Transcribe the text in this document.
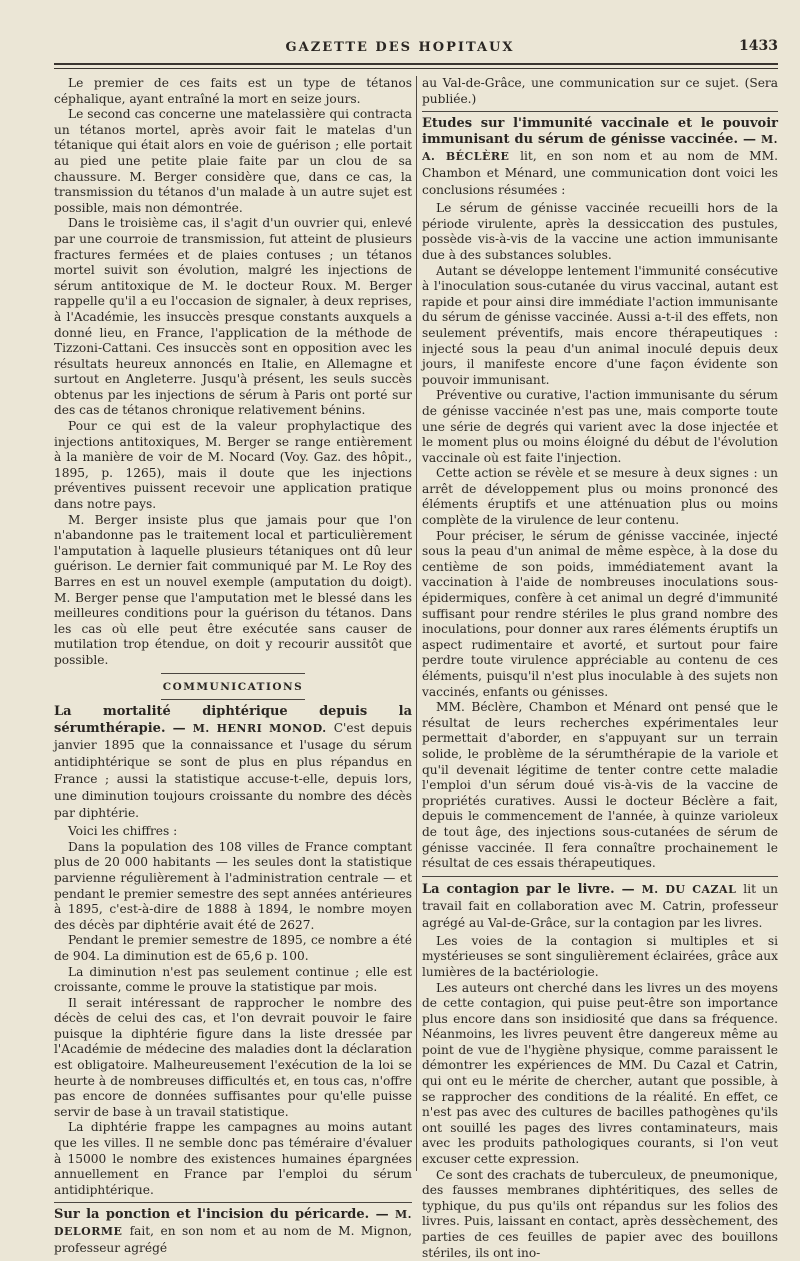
GAZETTE DES HOPITAUX	1433

Le premier de ces faits est un type de tétanos céphalique, ayant entraîné la mort en seize jours.

Le second cas concerne une matelassière qui contracta un tétanos mortel, après avoir fait le matelas d'un tétanique qui était alors en voie de guérison ; elle portait au pied une petite plaie faite par un clou de sa chaussure. M. Berger considère que, dans ce cas, la transmission du tétanos d'un malade à un autre sujet est possible, mais non démontrée.

Dans le troisième cas, il s'agit d'un ouvrier qui, enlevé par une courroie de transmission, fut atteint de plusieurs fractures fermées et de plaies contuses ; un tétanos mortel suivit son évolution, malgré les injections de sérum antitoxique de M. le docteur Roux. M. Berger rappelle qu'il a eu l'occasion de signaler, à deux reprises, à l'Académie, les insuccès presque constants auxquels a donné lieu, en France, l'application de la méthode de Tizzoni-Cattani. Ces insuccès sont en opposition avec les résultats heureux annoncés en Italie, en Allemagne et surtout en Angleterre. Jusqu'à présent, les seuls succès obtenus par les injections de sérum à Paris ont porté sur des cas de tétanos chronique relativement bénins.

Pour ce qui est de la valeur prophylactique des injections antitoxiques, M. Berger se range entièrement à la manière de voir de M. Nocard (Voy. Gaz. des hôpit., 1895, p. 1265), mais il doute que les injections préventives puissent recevoir une application pratique dans notre pays.

M. Berger insiste plus que jamais pour que l'on n'abandonne pas le traitement local et particulièrement l'amputation à laquelle plusieurs tétaniques ont dû leur guérison. Le dernier fait communiqué par M. Le Roy des Barres en est un nouvel exemple (amputation du doigt). M. Berger pense que l'amputation met le blessé dans les meilleures conditions pour la guérison du tétanos. Dans les cas où elle peut être exécutée sans causer de mutilation trop étendue, on doit y recourir aussitôt que possible.

COMMUNICATIONS
La mortalité diphtérique depuis la sérumthérapie. — M. HENRI MONOD. C'est depuis janvier 1895 que la connaissance et l'usage du sérum antidiphtérique se sont de plus en plus répandus en France ; aussi la statistique accuse-t-elle, depuis lors, une diminution toujours croissante du nombre des décès par diphtérie.

Voici les chiffres :

Dans la population des 108 villes de France comptant plus de 20 000 habitants — les seules dont la statistique parvienne régulièrement à l'administration centrale — et pendant le premier semestre des sept années antérieures à 1895, c'est-à-dire de 1888 à 1894, le nombre moyen des décès par diphtérie avait été de 2627.

Pendant le premier semestre de 1895, ce nombre a été de 904. La diminution est de 65,6 p. 100.

La diminution n'est pas seulement continue ; elle est croissante, comme le prouve la statistique par mois.

Il serait intéressant de rapprocher le nombre des décès de celui des cas, et l'on devrait pouvoir le faire puisque la diphtérie figure dans la liste dressée par l'Académie de médecine des maladies dont la déclaration est obligatoire. Malheureusement l'exécution de la loi se heurte à de nombreuses difficultés et, en tous cas, n'offre pas encore de données suffisantes pour qu'elle puisse servir de base à un travail statistique.

La diphtérie frappe les campagnes au moins autant que les villes. Il ne semble donc pas téméraire d'évaluer à 15000 le nombre des existences humaines épargnées annuellement en France par l'emploi du sérum antidiphtérique.

Sur la ponction et l'incision du péricarde. — M. DELORME fait, en son nom et au nom de M. Mignon, professeur agrégé

au Val-de-Grâce, une communication sur ce sujet. (Sera publiée.)

Etudes sur l'immunité vaccinale et le pouvoir immunisant du sérum de génisse vaccinée. — M. A. BÉCLÈRE lit, en son nom et au nom de MM. Chambon et Ménard, une communication dont voici les conclusions résumées :

Le sérum de génisse vaccinée recueilli hors de la période virulente, après la dessiccation des pustules, possède vis-à-vis de la vaccine une action immunisante due à des substances solubles.

Autant se développe lentement l'immunité consécutive à l'inoculation sous-cutanée du virus vaccinal, autant est rapide et pour ainsi dire immédiate l'action immunisante du sérum de génisse vaccinée. Aussi a-t-il des effets, non seulement préventifs, mais encore thérapeutiques : injecté sous la peau d'un animal inoculé depuis deux jours, il manifeste encore d'une façon évidente son pouvoir immunisant.

Préventive ou curative, l'action immunisante du sérum de génisse vaccinée n'est pas une, mais comporte toute une série de degrés qui varient avec la dose injectée et le moment plus ou moins éloigné du début de l'évolution vaccinale où est faite l'injection.

Cette action se révèle et se mesure à deux signes : un arrêt de développement plus ou moins prononcé des éléments éruptifs et une atténuation plus ou moins complète de la virulence de leur contenu.

Pour préciser, le sérum de génisse vaccinée, injecté sous la peau d'un animal de même espèce, à la dose du centième de son poids, immédiatement avant la vaccination à l'aide de nombreuses inoculations sous-épidermiques, confère à cet animal un degré d'immunité suffisant pour rendre stériles le plus grand nombre des inoculations, pour donner aux rares éléments éruptifs un aspect rudimentaire et avorté, et surtout pour faire perdre toute virulence appréciable au contenu de ces éléments, puisqu'il n'est plus inoculable à des sujets non vaccinés, enfants ou génisses.

MM. Béclère, Chambon et Ménard ont pensé que le résultat de leurs recherches expérimentales leur permettait d'aborder, en s'appuyant sur un terrain solide, le problème de la sérumthérapie de la variole et qu'il devenait légitime de tenter contre cette maladie l'emploi d'un sérum doué vis-à-vis de la vaccine de propriétés curatives. Aussi le docteur Béclère a fait, depuis le commencement de l'année, à quinze varioleux de tout âge, des injections sous-cutanées de sérum de génisse vaccinée. Il fera connaître prochainement le résultat de ces essais thérapeutiques.

La contagion par le livre. — M. DU CAZAL lit un travail fait en collaboration avec M. Catrin, professeur agrégé au Val-de-Grâce, sur la contagion par les livres.

Les voies de la contagion si multiples et si mystérieuses se sont singulièrement éclairées, grâce aux lumières de la bactériologie.

Les auteurs ont cherché dans les livres un des moyens de cette contagion, qui puise peut-être son importance plus encore dans son insidiosité que dans sa fréquence. Néanmoins, les livres peuvent être dangereux même au point de vue de l'hygiène physique, comme paraissent le démontrer les expériences de MM. Du Cazal et Catrin, qui ont eu le mérite de chercher, autant que possible, à se rapprocher des conditions de la réalité. En effet, ce n'est pas avec des cultures de bacilles pathogènes qu'ils ont souillé les pages des livres contaminateurs, mais avec les produits pathologiques courants, si l'on veut excuser cette expression.

Ce sont des crachats de tuberculeux, de pneumonique, des fausses membranes diphtéritiques, des selles de typhique, du pus qu'ils ont répandus sur les folios des livres. Puis, laissant en contact, après dessèchement, des parties de ces feuilles de papier avec des bouillons stériles, ils ont ino-
